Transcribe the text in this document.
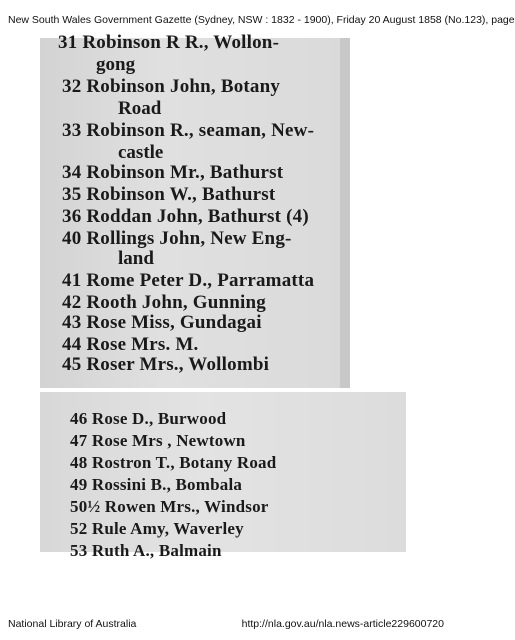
New South Wales Government Gazette (Sydney, NSW : 1832 - 1900), Friday 20 August 1858 (No.123), page
31 Robinson R R., Wollon-
gong
32 Robinson John, Botany
Road
33 Robinson R., seaman, New-
castle
34 Robinson Mr., Bathurst
35 Robinson W., Bathurst
36 Roddan John, Bathurst (4)
40 Rollings John, New Eng-
land
41 Rome Peter D., Parramatta
42 Rooth John, Gunning
43 Rose Miss, Gundagai
44 Rose Mrs. M.
45 Roser Mrs., Wollombi
46 Rose D., Burwood
47 Rose Mrs , Newtown
48 Rostron T., Botany Road
49 Rossini B., Bombala
50½ Rowen Mrs., Windsor
52 Rule Amy, Waverley
53 Ruth A., Balmain
National Library of Australia	http://nla.gov.au/nla.news-article229600720
